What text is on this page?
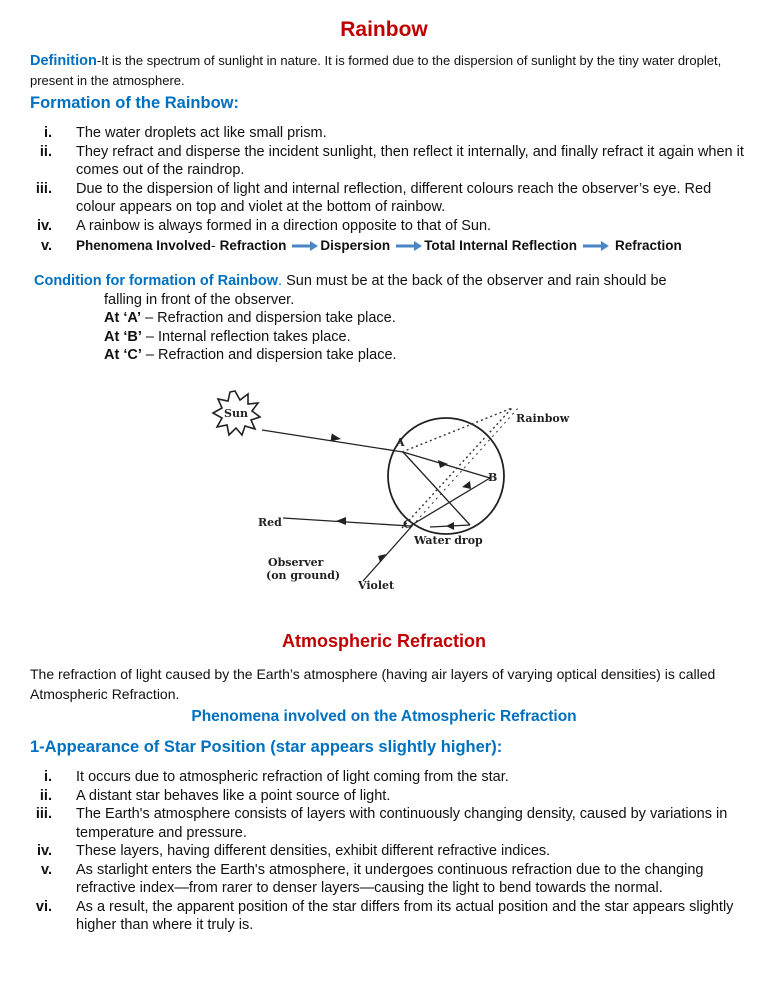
Rainbow
Definition-It is the spectrum of sunlight in nature. It is formed due to the dispersion of sunlight by the tiny water droplet, present in the atmosphere.
Formation of the Rainbow:
i. The water droplets act like small prism.
ii. They refract and disperse the incident sunlight, then reflect it internally, and finally refract it again when it comes out of the raindrop.
iii. Due to the dispersion of light and internal reflection, different colours reach the observer’s eye. Red colour appears on top and violet at the bottom of rainbow.
iv. A rainbow is always formed in a direction opposite to that of Sun.
v. Phenomena Involved- Refraction	Dispersion	Total Internal Reflection	Refraction
Condition for formation of Rainbow. Sun must be at the back of the observer and rain should be
falling in front of the observer.
At ‘A’ – Refraction and dispersion take place.
At ‘B’ – Internal reflection takes place.
At ‘C’ – Refraction and dispersion take place.
Sun	Rainbow
A
B
C
Red
Water drop
Observer
(on ground)
Violet
Atmospheric Refraction
The refraction of light caused by the Earth’s atmosphere (having air layers of varying optical densities) is called Atmospheric Refraction.
Phenomena involved on the Atmospheric Refraction
1-Appearance of Star Position (star appears slightly higher):
i. It occurs due to atmospheric refraction of light coming from the star.
ii. A distant star behaves like a point source of light.
iii. The Earth's atmosphere consists of layers with continuously changing density, caused by variations in temperature and pressure.
iv. These layers, having different densities, exhibit different refractive indices.
v. As starlight enters the Earth's atmosphere, it undergoes continuous refraction due to the changing refractive index—from rarer to denser layers—causing the light to bend towards the normal.
vi. As a result, the apparent position of the star differs from its actual position and the star appears slightly higher than where it truly is.
